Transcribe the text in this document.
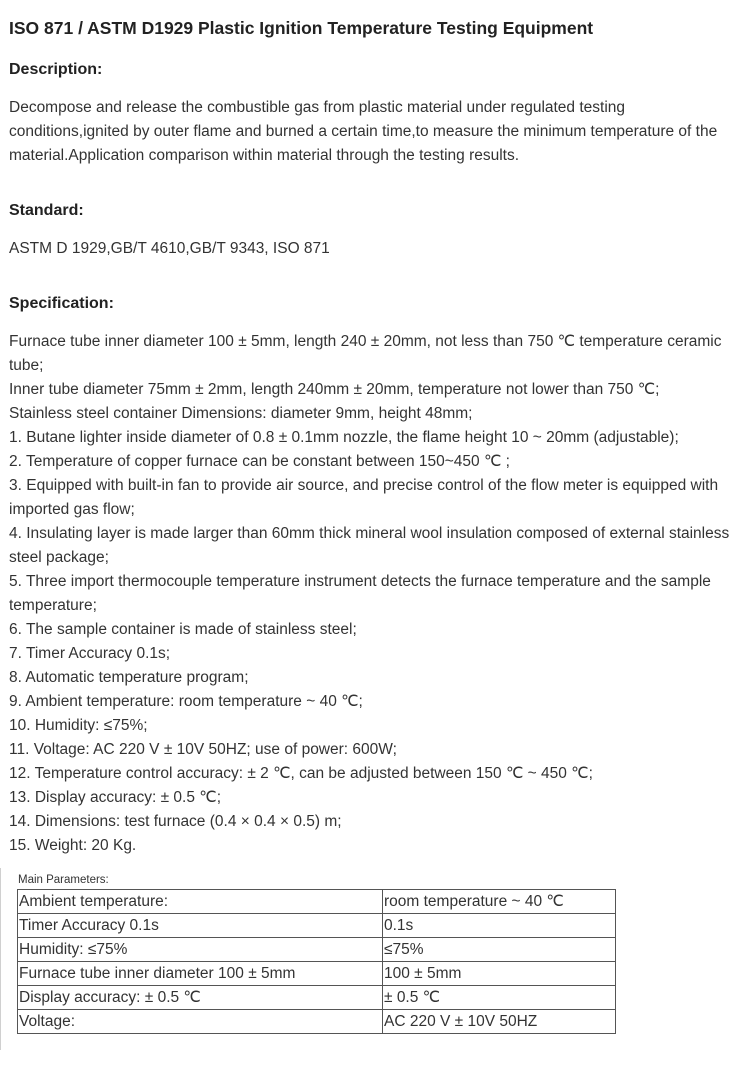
ISO 871 / ASTM D1929 Plastic Ignition Temperature Testing Equipment
Description:
Decompose and release the combustible gas from plastic material under regulated testing
conditions,ignited by outer flame and burned a certain time,to measure the minimum temperature of the
material.Application comparison within material through the testing results.
Standard:
ASTM D 1929,GB/T 4610,GB/T 9343, ISO 871
Specification:
Furnace tube inner diameter 100 ± 5mm, length 240 ± 20mm, not less than 750 ℃ temperature ceramic
tube;
Inner tube diameter 75mm ± 2mm, length 240mm ± 20mm, temperature not lower than 750 ℃;
Stainless steel container Dimensions: diameter 9mm, height 48mm;
1. Butane lighter inside diameter of 0.8 ± 0.1mm nozzle, the flame height 10 ~ 20mm (adjustable);
2. Temperature of copper furnace can be constant between 150~450 ℃ ;
3. Equipped with built-in fan to provide air source, and precise control of the flow meter is equipped with
imported gas flow;
4. Insulating layer is made larger than 60mm thick mineral wool insulation composed of external stainless
steel package;
5. Three import thermocouple temperature instrument detects the furnace temperature and the sample
temperature;
6. The sample container is made of stainless steel;
7. Timer Accuracy 0.1s;
8. Automatic temperature program;
9. Ambient temperature: room temperature ~ 40 ℃;
10. Humidity: ≤75%;
11. Voltage: AC 220 V ± 10V 50HZ; use of power: 600W;
12. Temperature control accuracy: ± 2 ℃, can be adjusted between 150 ℃ ~ 450 ℃;
13. Display accuracy: ± 0.5 ℃;
14. Dimensions: test furnace (0.4 × 0.4 × 0.5) m;
15. Weight: 20 Kg.
Main Parameters:
Ambient temperature:	room temperature ~ 40 ℃
Timer Accuracy 0.1s	0.1s
Humidity: ≤75%	≤75%
Furnace tube inner diameter 100 ± 5mm	100 ± 5mm
Display accuracy: ± 0.5 ℃	± 0.5 ℃
Voltage:	AC 220 V ± 10V 50HZ
